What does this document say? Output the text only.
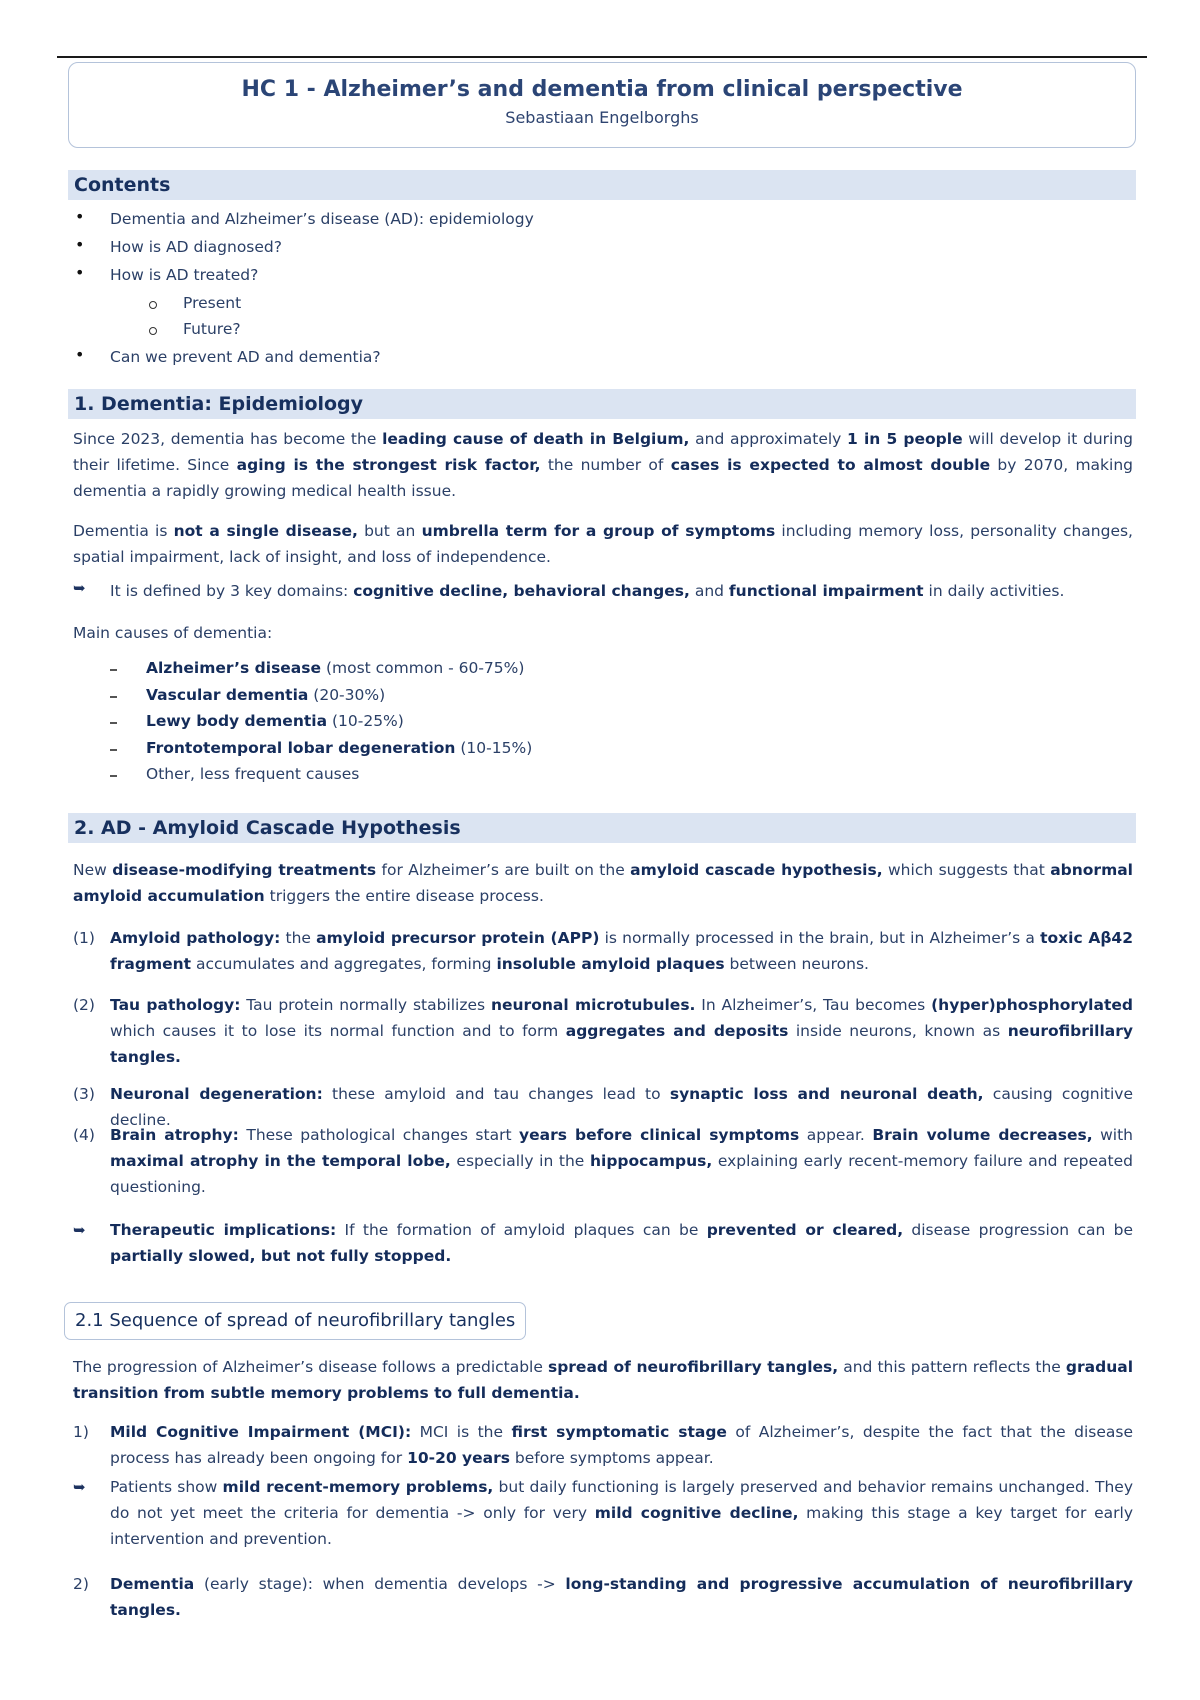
HC 1 - Alzheimer’s and dementia from clinical perspective
Sebastiaan Engelborghs
Contents
• Dementia and Alzheimer’s disease (AD): epidemiology
• How is AD diagnosed?
• How is AD treated?
Present
Future?
• Can we prevent AD and dementia?
1. Dementia: Epidemiology
Since 2023, dementia has become the leading cause of death in Belgium, and approximately 1 in 5 people will develop it during their lifetime. Since aging is the strongest risk factor, the number of cases is expected to almost double by 2070, making dementia a rapidly growing medical health issue.
Dementia is not a single disease, but an umbrella term for a group of symptoms including memory loss, personality changes, spatial impairment, lack of insight, and loss of independence.
➥ It is defined by 3 key domains: cognitive decline, behavioral changes, and functional impairment in daily activities.
Main causes of dementia:
Alzheimer’s disease (most common - 60-75%)
Vascular dementia (20-30%)
Lewy body dementia (10-25%)
Frontotemporal lobar degeneration (10-15%)
Other, less frequent causes
2. AD - Amyloid Cascade Hypothesis
New disease-modifying treatments for Alzheimer’s are built on the amyloid cascade hypothesis, which suggests that abnormal amyloid accumulation triggers the entire disease process.
(1) Amyloid pathology: the amyloid precursor protein (APP) is normally processed in the brain, but in Alzheimer’s a toxic Aβ42 fragment accumulates and aggregates, forming insoluble amyloid plaques between neurons.
(2) Tau pathology: Tau protein normally stabilizes neuronal microtubules. In Alzheimer’s, Tau becomes (hyper)phosphorylated which causes it to lose its normal function and to form aggregates and deposits inside neurons, known as neurofibrillary tangles.
(3) Neuronal degeneration: these amyloid and tau changes lead to synaptic loss and neuronal death, causing cognitive decline.
(4) Brain atrophy: These pathological changes start years before clinical symptoms appear. Brain volume decreases, with maximal atrophy in the temporal lobe, especially in the hippocampus, explaining early recent-memory failure and repeated questioning.
➥ Therapeutic implications: If the formation of amyloid plaques can be prevented or cleared, disease progression can be partially slowed, but not fully stopped.
2.1 Sequence of spread of neurofibrillary tangles
The progression of Alzheimer’s disease follows a predictable spread of neurofibrillary tangles, and this pattern reflects the gradual transition from subtle memory problems to full dementia.
1) Mild Cognitive Impairment (MCI): MCI is the first symptomatic stage of Alzheimer’s, despite the fact that the disease process has already been ongoing for 10-20 years before symptoms appear.
➥ Patients show mild recent-memory problems, but daily functioning is largely preserved and behavior remains unchanged. They do not yet meet the criteria for dementia -> only for very mild cognitive decline, making this stage a key target for early intervention and prevention.
2) Dementia (early stage): when dementia develops -> long-standing and progressive accumulation of neurofibrillary tangles.
